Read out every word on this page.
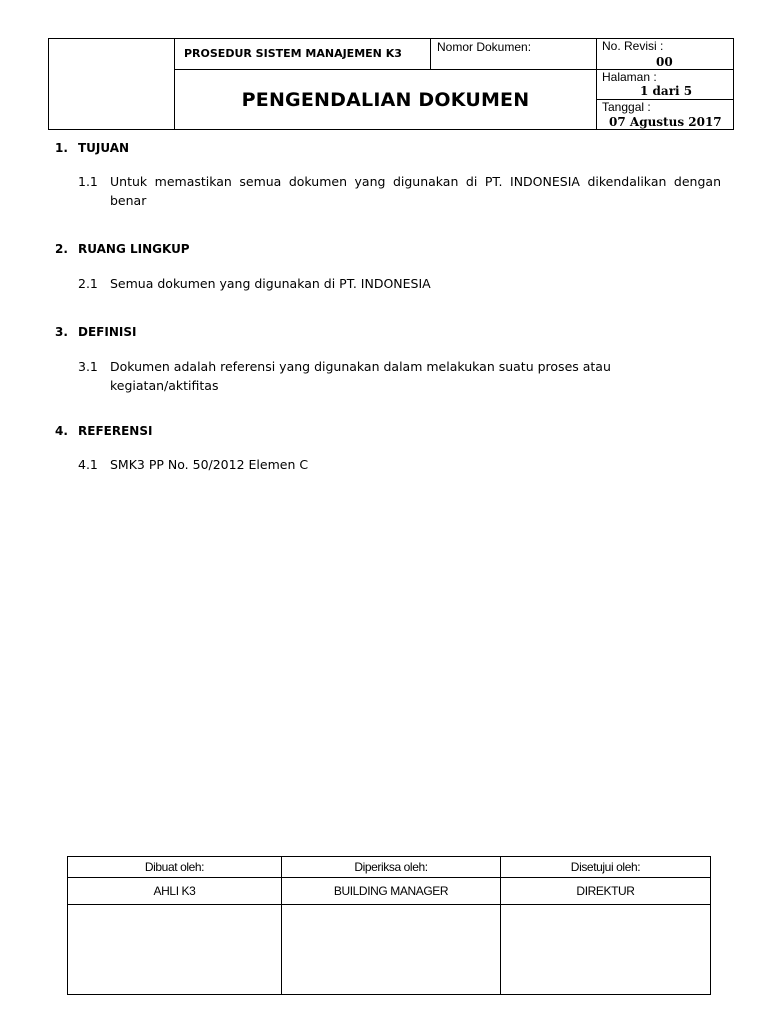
PROSEDUR SISTEM MANAJEMEN K3	Nomor Dokumen:
PENGENDALIAN DOKUMEN
No. Revisi :
00
Halaman :
1 dari 5
Tanggal :
07 Agustus 2017
1. TUJUAN
1.1 Untuk memastikan semua dokumen yang digunakan di PT. INDONESIA dikendalikan dengan benar
2. RUANG LINGKUP
2.1 Semua dokumen yang digunakan di PT. INDONESIA
3. DEFINISI
3.1 Dokumen adalah referensi yang digunakan dalam melakukan suatu proses atau kegiatan/aktifitas
4. REFERENSI
4.1 SMK3 PP No. 50/2012 Elemen C
Dibuat oleh:
AHLI K3
Diperiksa oleh:
BUILDING MANAGER
Disetujui oleh:
DIREKTUR
